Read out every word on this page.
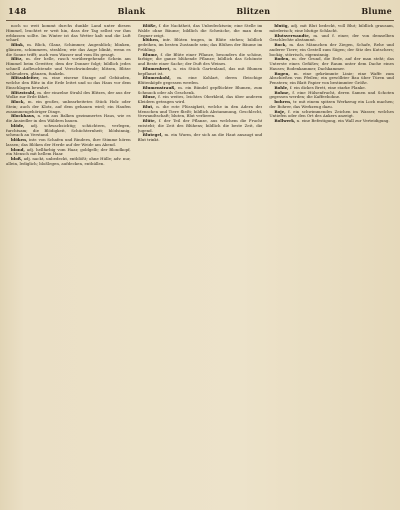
148	Blank	Blitzen	Blume

noch so weit kommt durchs dunkle Land unter diesen Himmel, leuchtet er weit hin, dass der Tag selbst vor ihm erblassen sollte. Im Winter ist das Wetter kalt und die Luft scharf.

Blink, m. Blick, Glanz, Schimmer, Augenblick; blinken, glänzen, schimmern, strahlen; wie das Auge blinkt, wenn es die Sonne trifft; auch vom Wasser und vom Eis gesagt.

Blitz, m. der helle, rasch vorübergehende Schein am Himmel beim Gewitter, dem der Donner folgt; bildlich jedes schnell Aufleuchtende und Verschwindende; blitzen, Blitze schleudern, glänzen, funkeln.

Blitzableiter, m. eine eiserne Stange auf Gebäuden, welche den Blitz in die Erde leitet und so das Haus vor dem Einschlagen bewahrt.

Blitzstrahl, m. der einzelne Strahl des Blitzes, der aus der Wolke zur Erde fährt.

Block, m. ein großes, unbearbeitetes Stück Holz oder Stein; auch der Klotz, auf dem gehauen wird; ein Haufen zusammengehöriger Dinge.

Blockhaus, n. ein aus Balken gezimmertes Haus, wie es die Ansiedler in den Wäldern bauen.

blöde, adj. schwachsichtig; schüchtern, verlegen, furchtsam; die Blödigkeit, Schüchternheit; blödsinnig, schwach an Verstand.

blöken, intr. von Schafen und Rindern, ihre Stimme hören lassen; das Blöken der Herde auf der Weide am Abend.

blond, adj. hellfarbig vom Haar, goldgelb; der Blondkopf, ein Mensch mit hellem Haar.

bloß, adj. nackt, unbedeckt, entblößt; ohne Hülle; adv. nur, allein, lediglich; bloßlegen, aufdecken, enthüllen.

Blöße, f. die Nacktheit, das Unbedecktsein; eine Stelle im Walde ohne Bäume; bildlich die Schwäche, die man dem Gegner zeigt.

blühen, intr. Blüten tragen, in Blüte stehen; bildlich gedeihen, im besten Zustande sein; das Blühen der Bäume im Frühling.

Blume, f. die Blüte einer Pflanze, besonders die schöne, farbige; die ganze blühende Pflanze; bildlich das Schönste und Beste einer Sache; der Duft des Weines.

Blumenbeet, n. ein Stück Gartenland, das mit Blumen bepflanzt ist.

Blumenkohl, m. eine Kohlart, deren fleischige Blütenköpfe gegessen werden.

Blumenstrauß, m. ein Bündel gepflückter Blumen, zum Schmuck oder als Geschenk.

Bluse, f. ein weites, leichtes Oberkleid, das über anderen Kleidern getragen wird.

Blut, n. die rote Flüssigkeit, welche in den Adern der Menschen und Tiere fließt; bildlich Abstammung, Geschlecht, Verwandtschaft; bluten, Blut verlieren.

Blüte, f. der Teil der Pflanze, aus welchem die Frucht entsteht; die Zeit des Blühens; bildlich die beste Zeit, die Jugend.

Blutegel, m. ein Wurm, der sich an die Haut ansaugt und Blut trinkt.

blutig, adj. mit Blut bedeckt, voll Blut; bildlich grausam, mörderisch; eine blutige Schlacht.

Blutsverwandte, m. und f. einer, der von demselben Geschlechte abstammt.

Bock, m. das Männchen der Ziegen, Schafe, Rehe und anderer Tiere; ein Gestell zum Sägen; der Sitz des Kutschers; bockig, störrisch, eigensinnig.

Boden, m. der Grund, die Erde, auf der man steht; das Unterste eines Gefäßes; der Raum unter dem Dache eines Hauses; Bodenkammer, Dachkammer.

Bogen, m. eine gekrümmte Linie; eine Waffe zum Abschießen von Pfeilen; ein gewölbter Bau über Türen und Fenstern; ein Blatt Papier von bestimmter Größe.

Bohle, f. ein dickes Brett, eine starke Planke.

Bohne, f. eine Hülsenfrucht, deren Samen und Schoten gegessen werden; die Kaffeebohne.

bohren, tr. mit einem spitzen Werkzeug ein Loch machen; der Bohrer, das Werkzeug dazu.

Boje, f. ein schwimmendes Zeichen im Wasser, welches Untiefen oder den Ort des Ankers anzeigt.

Bollwerk, n. eine Befestigung, ein Wall zur Verteidigung.
